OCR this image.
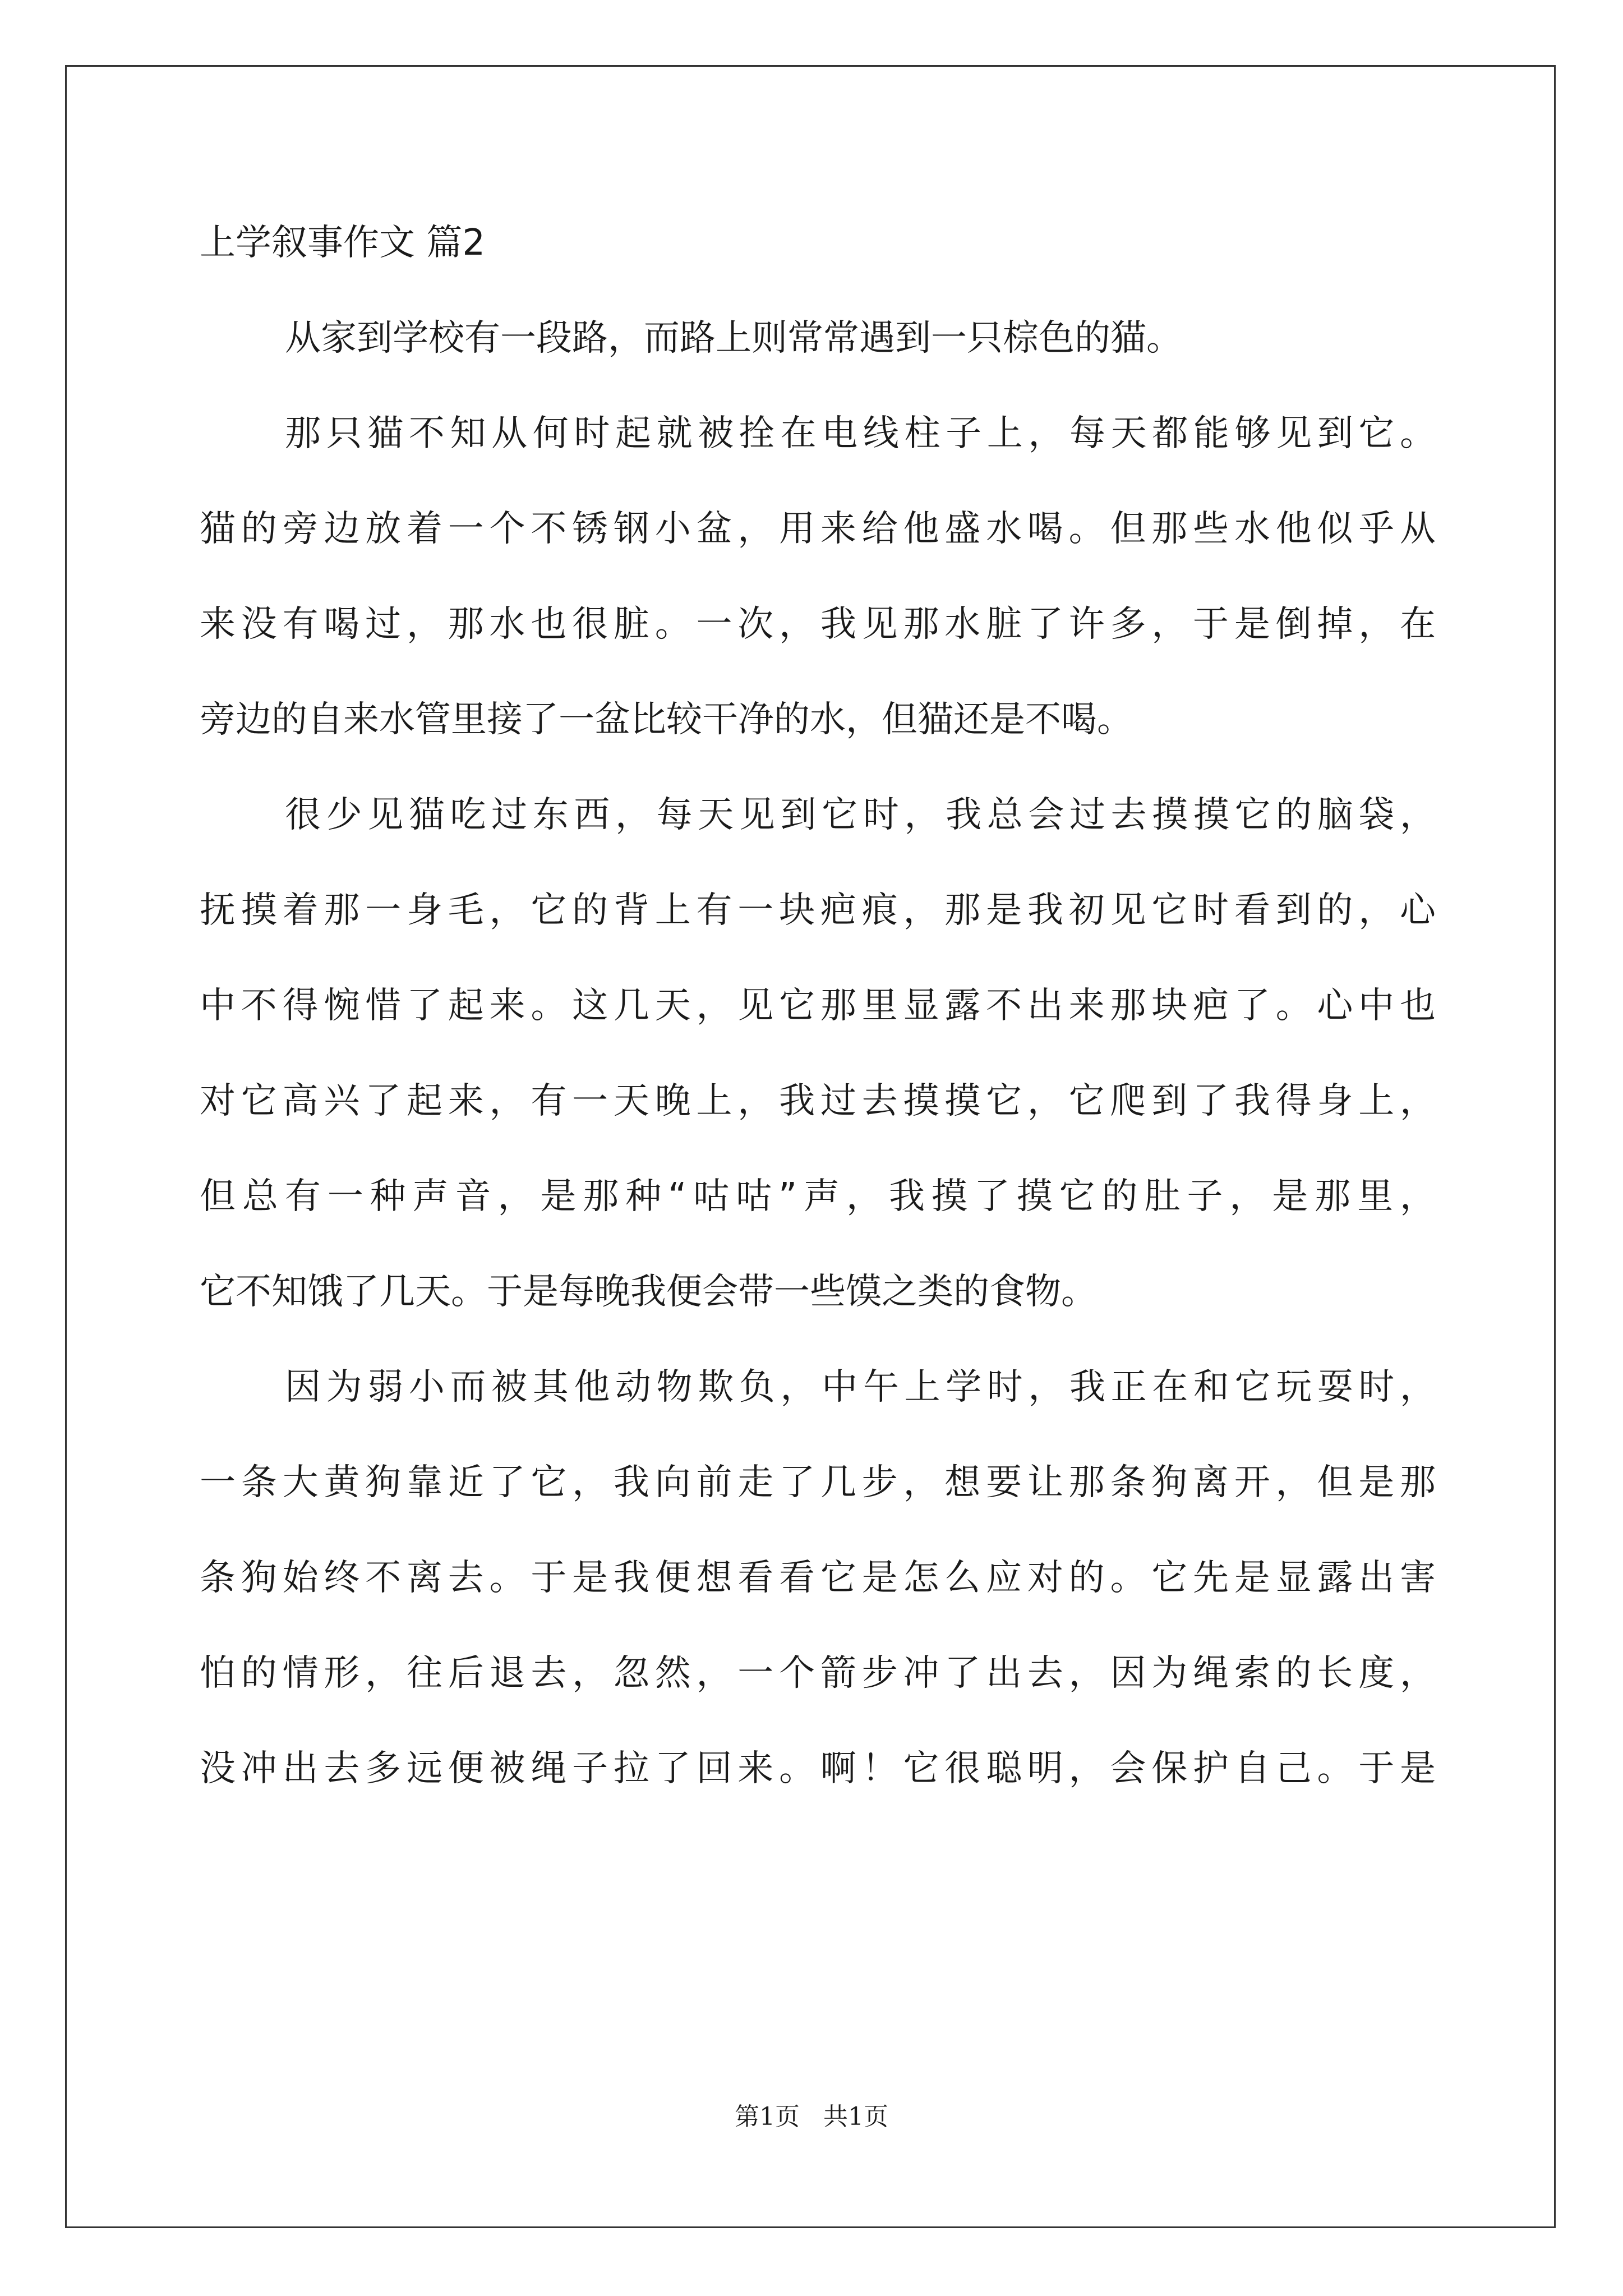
上学叙事作文 篇2
从家到学校有一段路，而路上则常常遇到一只棕色的猫。
那只猫不知从何时起就被拴在电线柱子上，每天都能够见到它。
猫的旁边放着一个不锈钢小盆，用来给他盛水喝。但那些水他似乎从
来没有喝过，那水也很脏。一次，我见那水脏了许多，于是倒掉，在
旁边的自来水管里接了一盆比较干净的水，但猫还是不喝。
很少见猫吃过东西，每天见到它时，我总会过去摸摸它的脑袋，
抚摸着那一身毛，它的背上有一块疤痕，那是我初见它时看到的，心
中不得惋惜了起来。这几天，见它那里显露不出来那块疤了。心中也
对它高兴了起来，有一天晚上，我过去摸摸它，它爬到了我得身上，
但总有一种声音，是那种“咕咕”声，我摸了摸它的肚子，是那里，
它不知饿了几天。于是每晚我便会带一些馍之类的食物。
因为弱小而被其他动物欺负，中午上学时，我正在和它玩耍时，
一条大黄狗靠近了它，我向前走了几步，想要让那条狗离开，但是那
条狗始终不离去。于是我便想看看它是怎么应对的。它先是显露出害
怕的情形，往后退去，忽然，一个箭步冲了出去，因为绳索的长度，
没冲出去多远便被绳子拉了回来。啊！它很聪明，会保护自己。于是
第1页   共1页
